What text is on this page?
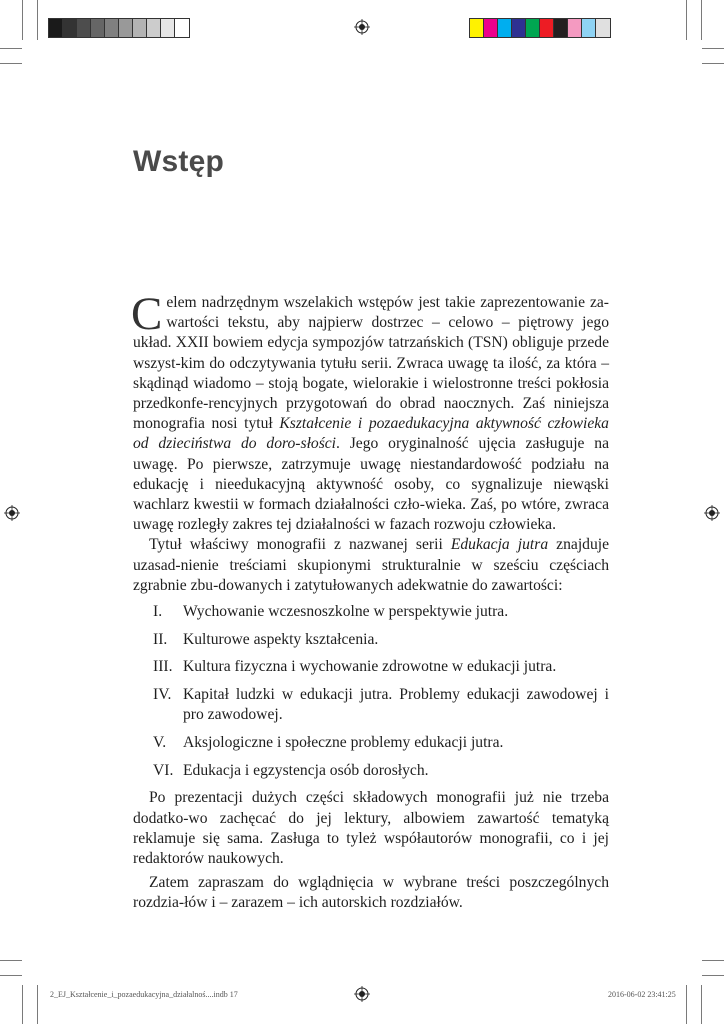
Wstęp

Celem nadrzędnym wszelakich wstępów jest takie zaprezentowanie za-wartości tekstu, aby najpierw dostrzec – celowo – piętrowy jego układ. XXII bowiem edycja sympozjów tatrzańskich (TSN) obliguje przede wszyst-kim do odczytywania tytułu serii. Zwraca uwagę ta ilość, za która – skądinąd wiadomo – stoją bogate, wielorakie i wielostronne treści pokłosia przedkonfe-rencyjnych przygotowań do obrad naocznych. Zaś niniejsza monografia nosi tytuł Kształcenie i pozaedukacyjna aktywność człowieka od dzieciństwa do doro-słości. Jego oryginalność ujęcia zasługuje na uwagę. Po pierwsze, zatrzymuje uwagę niestandardowość podziału na edukację i nieedukacyjną aktywność osoby, co sygnalizuje niewąski wachlarz kwestii w formach działalności czło-wieka. Zaś, po wtóre, zwraca uwagę rozległy zakres tej działalności w fazach rozwoju człowieka.

Tytuł właściwy monografii z nazwanej serii Edukacja jutra znajduje uzasad-nienie treściami skupionymi strukturalnie w sześciu częściach zgrabnie zbu-dowanych i zatytułowanych adekwatnie do zawartości:

I. Wychowanie wczesnoszkolne w perspektywie jutra.
II. Kulturowe aspekty kształcenia.
III. Kultura fizyczna i wychowanie zdrowotne w edukacji jutra.
IV. Kapitał ludzki w edukacji jutra. Problemy edukacji zawodowej i pro zawodowej.
V. Aksjologiczne i społeczne problemy edukacji jutra.
VI. Edukacja i egzystencja osób dorosłych.

Po prezentacji dużych części składowych monografii już nie trzeba dodatko-wo zachęcać do jej lektury, albowiem zawartość tematyką reklamuje się sama. Zasługa to tyleż współautorów monografii, co i jej redaktorów naukowych.

Zatem zapraszam do wglądnięcia w wybrane treści poszczególnych rozdzia-łów i – zarazem – ich autorskich rozdziałów.

2_EJ_Kształcenie_i_pozaedukacyjna_działalnoś....indb 17	2016-06-02 23:41:25
